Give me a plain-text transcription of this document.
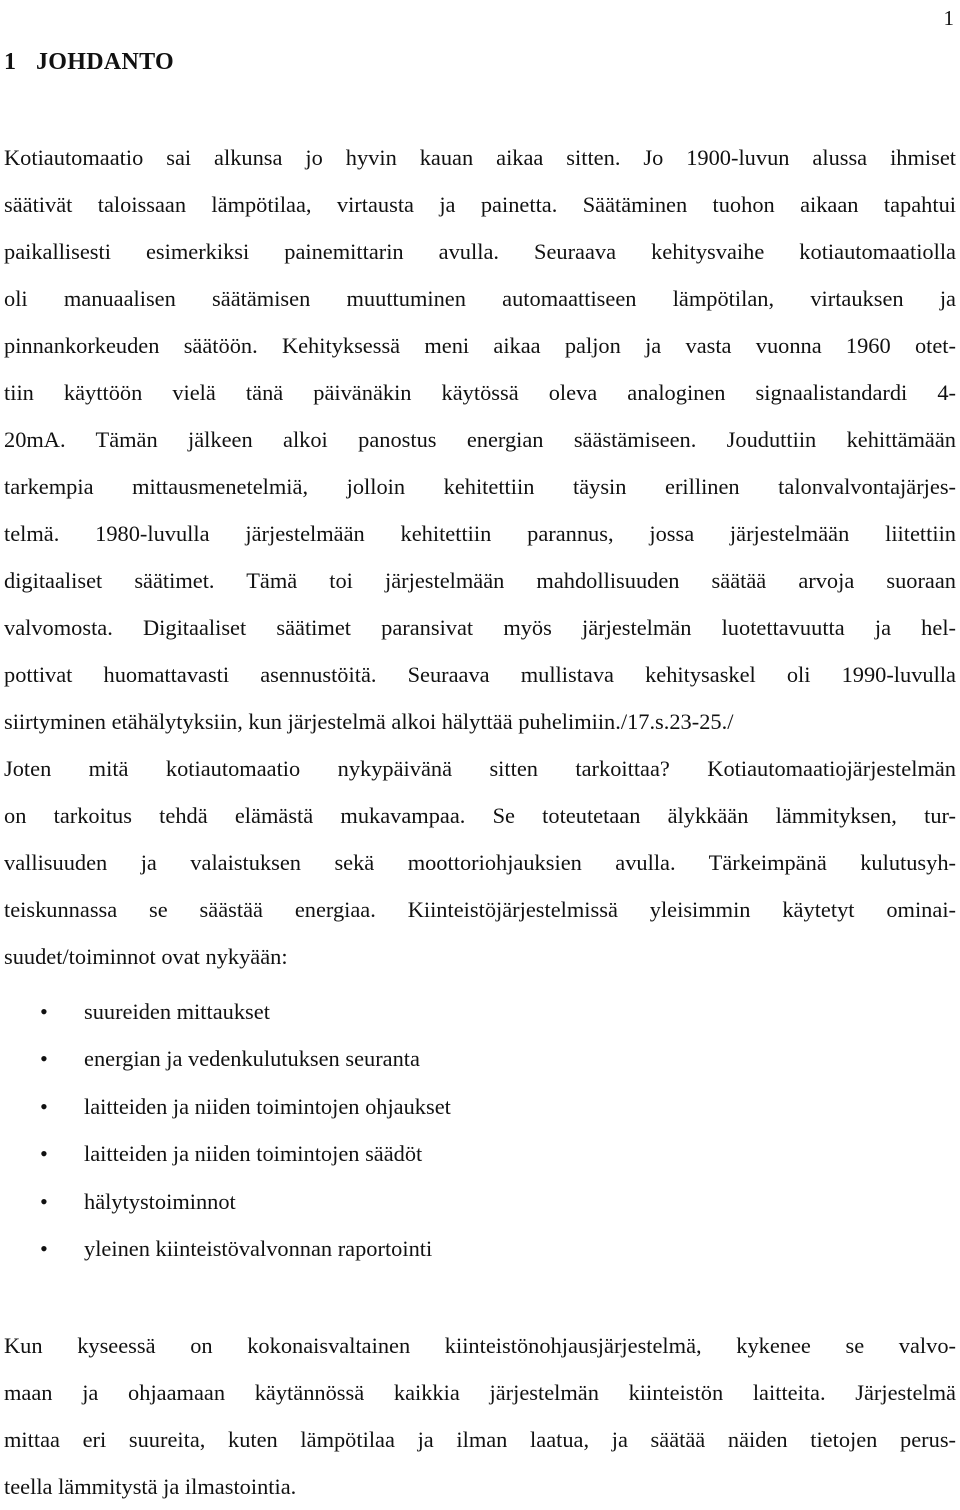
1
1 JOHDANTO
Kotiautomaatio sai alkunsa jo hyvin kauan aikaa sitten. Jo 1900-luvun alussa ihmiset
säätivät taloissaan lämpötilaa, virtausta ja painetta. Säätäminen tuohon aikaan tapahtui
paikallisesti esimerkiksi painemittarin avulla. Seuraava kehitysvaihe kotiautomaatiolla
oli manuaalisen säätämisen muuttuminen automaattiseen lämpötilan, virtauksen ja
pinnankorkeuden säätöön. Kehityksessä meni aikaa paljon ja vasta vuonna 1960 otet-
tiin käyttöön vielä tänä päivänäkin käytössä oleva analoginen signaalistandardi 4-
20mA. Tämän jälkeen alkoi panostus energian säästämiseen. Jouduttiin kehittämään
tarkempia mittausmenetelmiä, jolloin kehitettiin täysin erillinen talonvalvontajärjes-
telmä. 1980-luvulla järjestelmään kehitettiin parannus, jossa järjestelmään liitettiin
digitaaliset säätimet. Tämä toi järjestelmään mahdollisuuden säätää arvoja suoraan
valvomosta. Digitaaliset säätimet paransivat myös järjestelmän luotettavuutta ja hel-
pottivat huomattavasti asennustöitä. Seuraava mullistava kehitysaskel oli 1990-luvulla
siirtyminen etähälytyksiin, kun järjestelmä alkoi hälyttää puhelimiin./17.s.23-25./
Joten mitä kotiautomaatio nykypäivänä sitten tarkoittaa? Kotiautomaatiojärjestelmän
on tarkoitus tehdä elämästä mukavampaa. Se toteutetaan älykkään lämmityksen, tur-
vallisuuden ja valaistuksen sekä moottoriohjauksien avulla. Tärkeimpänä kulutusyh-
teiskunnassa se säästää energiaa. Kiinteistöjärjestelmissä yleisimmin käytetyt ominai-
suudet/toiminnot ovat nykyään:
• suureiden mittaukset
• energian ja vedenkulutuksen seuranta
• laitteiden ja niiden toimintojen ohjaukset
• laitteiden ja niiden toimintojen säädöt
• hälytystoiminnot
• yleinen kiinteistövalvonnan raportointi
Kun kyseessä on kokonaisvaltainen kiinteistönohjausjärjestelmä, kykenee se valvo-
maan ja ohjaamaan käytännössä kaikkia järjestelmän kiinteistön laitteita. Järjestelmä
mittaa eri suureita, kuten lämpötilaa ja ilman laatua, ja säätää näiden tietojen perus-
teella lämmitystä ja ilmastointia.
